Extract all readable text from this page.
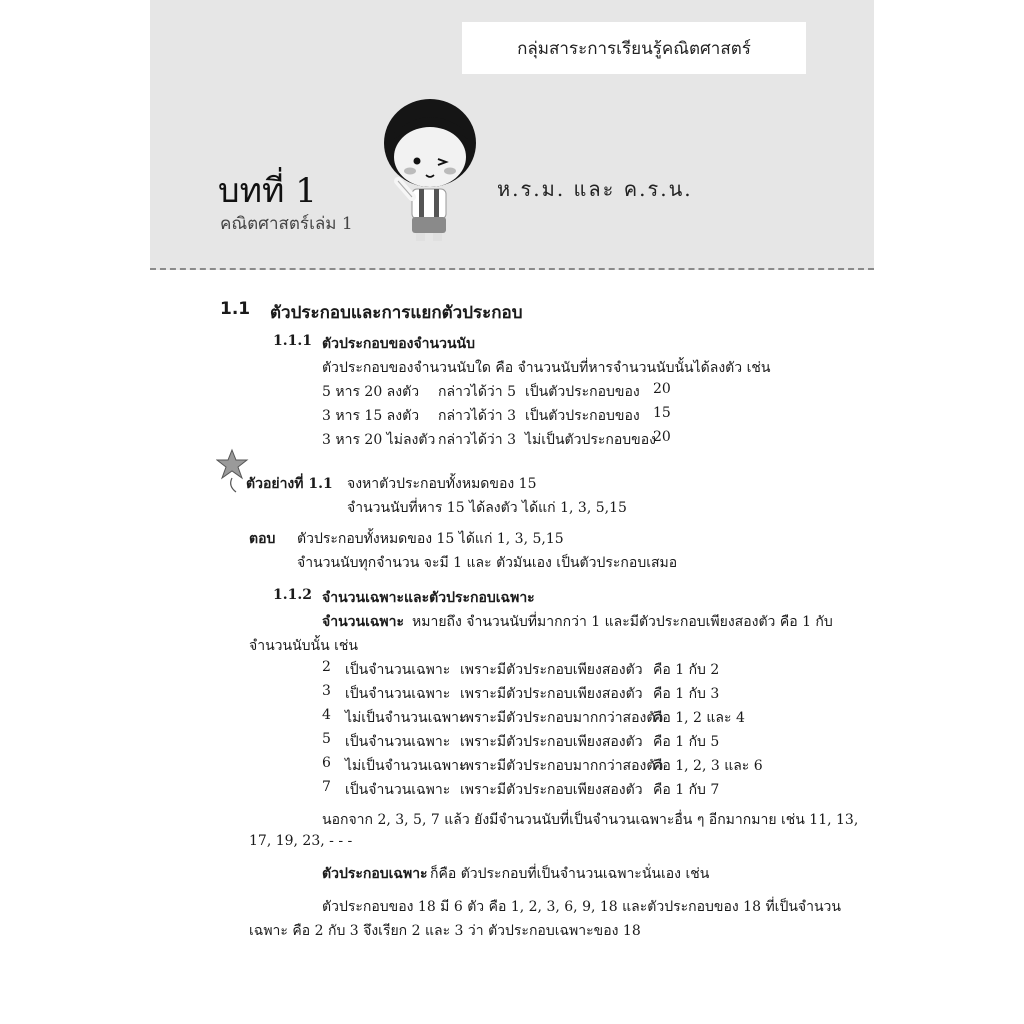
กลุ่มสาระการเรียนรู้คณิตศาสตร์
บทที่ 1
คณิตศาสตร์เล่ม 1
ห.ร.ม. และ ค.ร.น.
1.1 ตัวประกอบและการแยกตัวประกอบ
1.1.1 ตัวประกอบของจำนวนนับ
ตัวประกอบของจำนวนนับใด คือ จำนวนนับที่หารจำนวนนับนั้นได้ลงตัว เช่น
5 หาร 20 ลงตัว กล่าวได้ว่า 5 เป็นตัวประกอบของ 20
3 หาร 15 ลงตัว กล่าวได้ว่า 3 เป็นตัวประกอบของ 15
3 หาร 20 ไม่ลงตัว กล่าวได้ว่า 3 ไม่เป็นตัวประกอบของ
20
ตัวอย่างที่ 1.1 จงหาตัวประกอบทั้งหมดของ 15
จำนวนนับที่หาร 15 ได้ลงตัว ได้แก่ 1, 3, 5,15
ตอบ ตัวประกอบทั้งหมดของ 15 ได้แก่ 1, 3, 5,15
จำนวนนับทุกจำนวน จะมี 1 และ ตัวมันเอง เป็นตัวประกอบเสมอ
1.1.2 จำนวนเฉพาะและตัวประกอบเฉพาะ
จำนวนเฉพาะ หมายถึง จำนวนนับที่มากกว่า 1 และมีตัวประกอบเพียงสองตัว คือ 1 กับ
จำนวนนับนั้น เช่น
2 เป็นจำนวนเฉพาะ เพราะมีตัวประกอบเพียงสองตัว คือ 1 กับ 2
3 เป็นจำนวนเฉพาะ เพราะมีตัวประกอบเพียงสองตัว คือ 1 กับ 3
4 ไม่เป็นจำนวนเฉพาะ
เพราะมีตัวประกอบมากกว่าสองตัว
คือ 1, 2 และ 4
5 เป็นจำนวนเฉพาะ เพราะมีตัวประกอบเพียงสองตัว คือ 1 กับ 5
6 ไม่เป็นจำนวนเฉพาะ
เพราะมีตัวประกอบมากกว่าสองตัว
คือ 1, 2, 3 และ 6
7 เป็นจำนวนเฉพาะ เพราะมีตัวประกอบเพียงสองตัว คือ 1 กับ 7
นอกจาก 2, 3, 5, 7 แล้ว ยังมีจำนวนนับที่เป็นจำนวนเฉพาะอื่น ๆ อีกมากมาย เช่น 11, 13,
17, 19, 23, - - -
ตัวประกอบเฉพาะ ก็คือ ตัวประกอบที่เป็นจำนวนเฉพาะนั่นเอง เช่น
ตัวประกอบของ 18 มี 6 ตัว คือ 1, 2, 3, 6, 9, 18 และตัวประกอบของ 18 ที่เป็นจำนวน
เฉพาะ คือ 2 กับ 3 จึงเรียก 2 และ 3 ว่า ตัวประกอบเฉพาะของ 18
